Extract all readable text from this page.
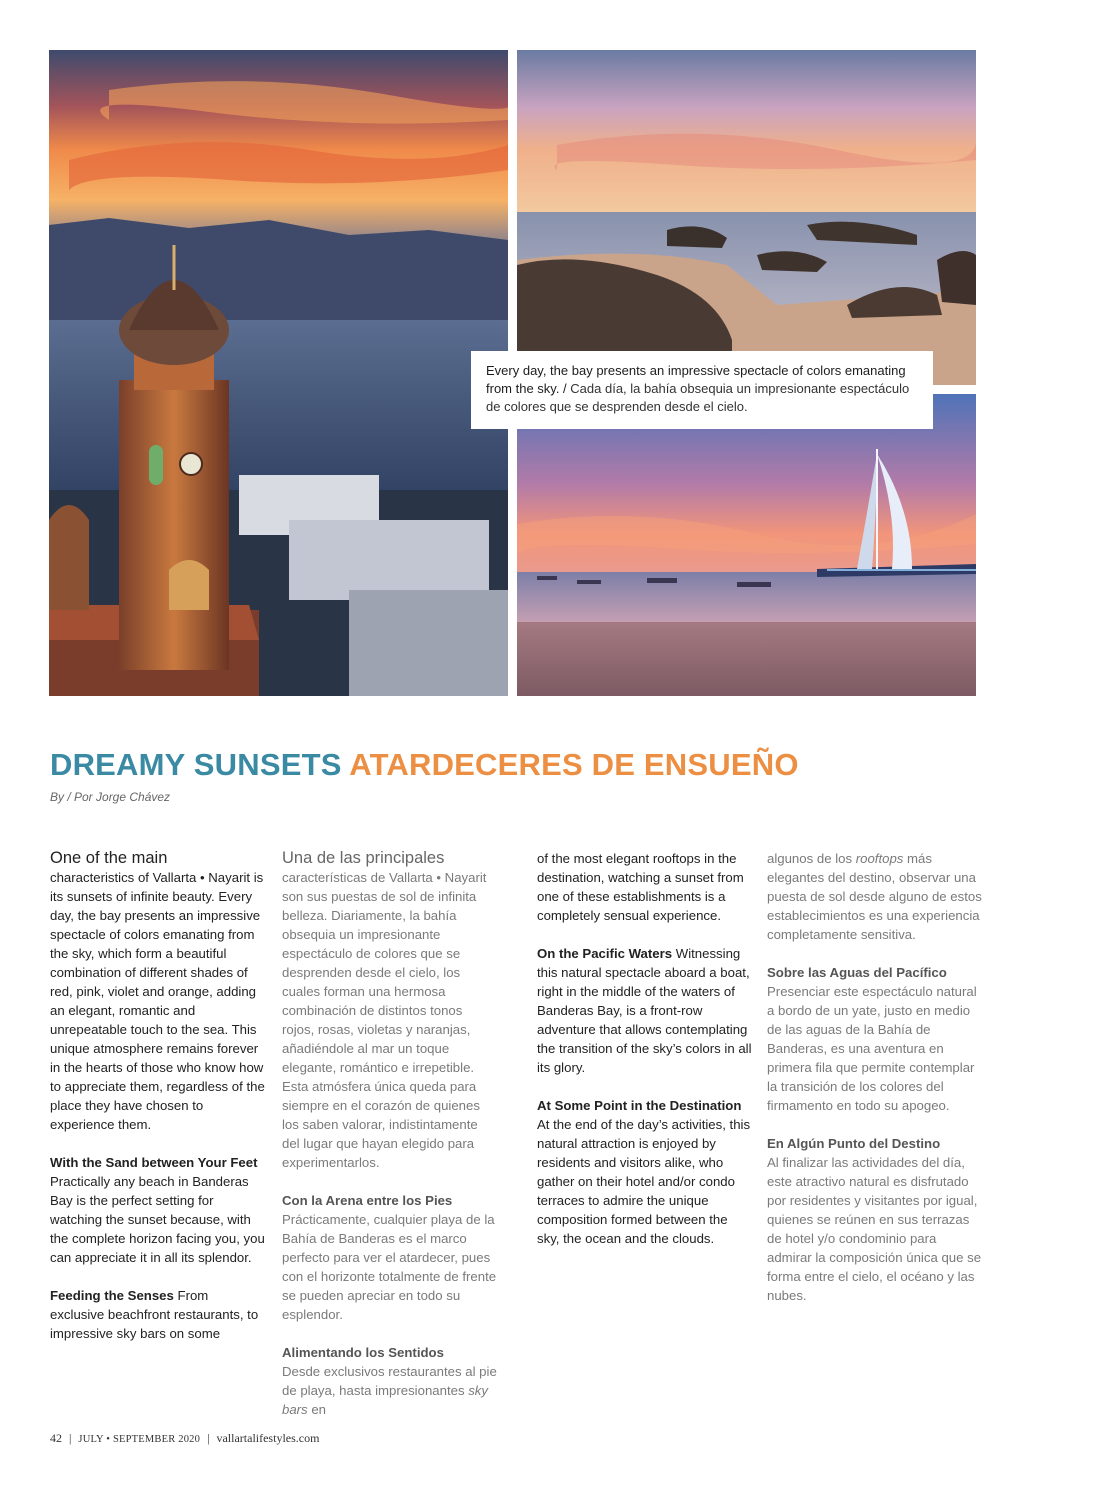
Every day, the bay presents an impressive spectacle of colors emanating from the sky. / Cada día, la bahía obsequia un impresionante espectáculo de colores que se desprenden desde el cielo.
DREAMY SUNSETS ATARDECERES DE ENSUEÑO
By / Por Jorge Chávez

One of the main
characteristics of Vallarta • Nayarit is its sunsets of infinite beauty. Every day, the bay presents an impressive spectacle of colors emanating from the sky, which form a beautiful combination of different shades of red, pink, violet and orange, adding an elegant, romantic and unrepeatable touch to the sea. This unique atmosphere remains forever in the hearts of those who know how to appreciate them, regardless of the place they have chosen to experience them.

With the Sand between Your Feet Practically any beach in Banderas Bay is the perfect setting for watching the sunset because, with the complete horizon facing you, you can appreciate it in all its splendor.

Feeding the Senses From exclusive beachfront restaurants, to impressive sky bars on some

Una de las principales
características de Vallarta • Nayarit son sus puestas de sol de infinita belleza. Diariamente, la bahía obsequia un impresionante espectáculo de colores que se desprenden desde el cielo, los cuales forman una hermosa combinación de distintos tonos rojos, rosas, violetas y naranjas, añadiéndole al mar un toque elegante, romántico e irrepetible. Esta atmósfera única queda para siempre en el corazón de quienes los saben valorar, indistintamente del lugar que hayan elegido para experimentarlos.

Con la Arena entre los Pies
Prácticamente, cualquier playa de la Bahía de Banderas es el marco perfecto para ver el atardecer, pues con el horizonte totalmente de frente se pueden apreciar en todo su esplendor.

Alimentando los Sentidos
Desde exclusivos restaurantes al pie de playa, hasta impresionantes sky bars en

of the most elegant rooftops in the destination, watching a sunset from one of these establishments is a completely sensual experience.

On the Pacific Waters Witnessing this natural spectacle aboard a boat, right in the middle of the waters of Banderas Bay, is a front-row adventure that allows contemplating the transition of the sky’s colors in all its glory.

At Some Point in the Destination
At the end of the day’s activities, this natural attraction is enjoyed by residents and visitors alike, who gather on their hotel and/or condo terraces to admire the unique composition formed between the sky, the ocean and the clouds.

algunos de los rooftops más elegantes del destino, observar una puesta de sol desde alguno de estos establecimientos es una experiencia completamente sensitiva.

Sobre las Aguas del Pacífico
Presenciar este espectáculo natural a bordo de un yate, justo en medio de las aguas de la Bahía de Banderas, es una aventura en primera fila que permite contemplar la transición de los colores del firmamento en todo su apogeo.

En Algún Punto del Destino
Al finalizar las actividades del día, este atractivo natural es disfrutado por residentes y visitantes por igual, quienes se reúnen en sus terrazas de hotel y/o condominio para admirar la composición única que se forma entre el cielo, el océano y las nubes.

42 | JULY • SEPTEMBER 2020 | vallartalifestyles.com
